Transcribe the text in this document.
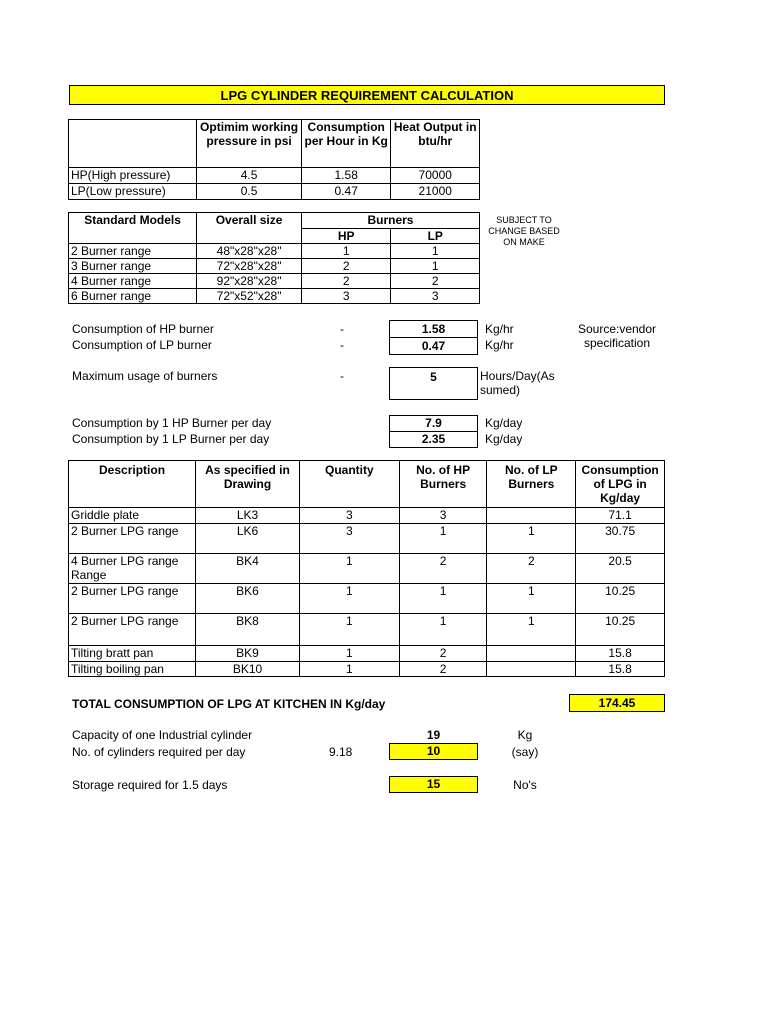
LPG CYLINDER REQUIREMENT CALCULATION
	Optimim working pressure in psi	Consumption per Hour in Kg	Heat Output in btu/hr
HP(High pressure)	4.5	1.58	70000
LP(Low pressure)	0.5	0.47	21000
Standard Models	Overall size	Burners	
		HP	LP
2 Burner range	48"x28"x28"	1	1
3 Burner range	72"x28"x28"	2	1
4 Burner range	92"x28"x28"	2	2
6 Burner range	72"x52"x28"	3	3
SUBJECT TO CHANGE BASED ON MAKE
Consumption of HP burner	-	1.58	Kg/hr
Consumption of LP burner	-	0.47	Kg/hr
Source:vendor specification
Maximum usage of burners	-	5	Hours/Day(As sumed)
Consumption by 1 HP Burner per day	7.9	Kg/day
Consumption by 1 LP Burner per day	2.35	Kg/day
Description	As specified in Drawing	Quantity	No. of HP Burners	No. of LP Burners	Consumption of LPG in Kg/day
Griddle plate	LK3	3	3		71.1
2 Burner LPG range	LK6	3	1	1	30.75
4 Burner LPG range Range	BK4	1	2	2	20.5
2 Burner LPG range	BK6	1	1	1	10.25
2 Burner LPG range	BK8	1	1	1	10.25
Tilting bratt pan	BK9	1	2		15.8
Tilting boiling pan	BK10	1	2		15.8
TOTAL CONSUMPTION OF LPG AT KITCHEN IN Kg/day	174.45
Capacity of one Industrial cylinder	19	Kg
No. of cylinders required per day	9.18	10	(say)
Storage required for 1.5 days	15	No's
